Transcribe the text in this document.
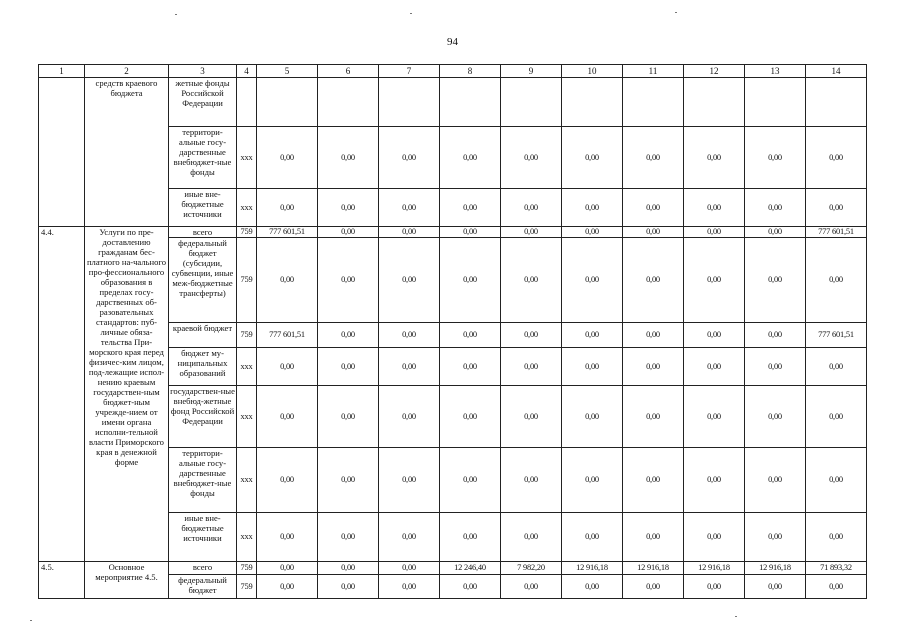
94
1	2	3	4	5	6	7	8	9	10	11	12	13	14
	средств краевого бюджета	жетные фонды Российской Федерации											
		территори-альные госу-дарственные внебюджет-ные фонды	xxx	0,00	0,00	0,00	0,00	0,00	0,00	0,00	0,00	0,00	0,00
		иные вне-бюджетные источники	xxx	0,00	0,00	0,00	0,00	0,00	0,00	0,00	0,00	0,00	0,00
4.4.	Услуги по пре-доставлению гражданам бес-платного на-чального про-фессионального образования в пределах госу-дарственных об-разовательных стандартов: пуб-личные обяза-тельства При-морского края перед физичес-ким лицом, под-лежащие испол-нению краевым государствен-ным бюджет-ным учрежде-нием от имени органа исполни-тельной власти Приморского края в денежной форме	всего	759	777 601,51	0,00	0,00	0,00	0,00	0,00	0,00	0,00	0,00	777 601,51
		федеральный бюджет (субсидии, субвенции, иные меж-бюджетные трансферты)	759	0,00	0,00	0,00	0,00	0,00	0,00	0,00	0,00	0,00	0,00
		краевой бюджет	759	777 601,51	0,00	0,00	0,00	0,00	0,00	0,00	0,00	0,00	777 601,51
		бюджет му-ниципальных образований	xxx	0,00	0,00	0,00	0,00	0,00	0,00	0,00	0,00	0,00	0,00
		государствен-ные внебюд-жетные фонд Российской Федерации	xxx	0,00	0,00	0,00	0,00	0,00	0,00	0,00	0,00	0,00	0,00
		территори-альные госу-дарственные внебюджет-ные фонды	xxx	0,00	0,00	0,00	0,00	0,00	0,00	0,00	0,00	0,00	0,00
		иные вне-бюджетные источники	xxx	0,00	0,00	0,00	0,00	0,00	0,00	0,00	0,00	0,00	0,00
4.5.	Основное мероприятие 4.5.	всего	759	0,00	0,00	0,00	12 246,40	7 982,20	12 916,18	12 916,18	12 916,18	12 916,18	71 893,32
		федеральный бюджет	759	0,00	0,00	0,00	0,00	0,00	0,00	0,00	0,00	0,00	0,00
